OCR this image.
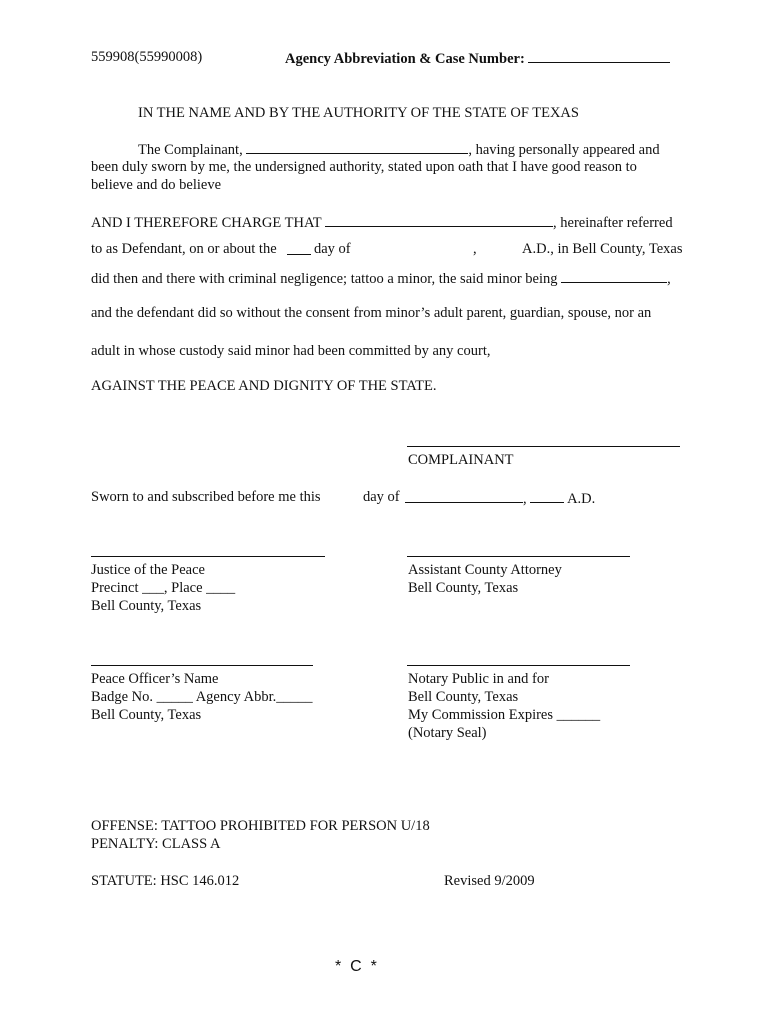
559908(55990008)	Agency Abbreviation & Case Number:
IN THE NAME AND BY THE AUTHORITY OF THE STATE OF TEXAS
The Complainant,	, having personally appeared and
been duly sworn by me, the undersigned authority, stated upon oath that I have good reason to
believe and do believe
AND I THEREFORE CHARGE THAT	, hereinafter referred
to as Defendant, on or about the	day of	,	A.D., in Bell County, Texas
did then and there with criminal negligence; tattoo a minor, the said minor being	,
and the defendant did so without the consent from minor’s adult parent, guardian, spouse, nor an
adult in whose custody said minor had been committed by any court,
AGAINST THE PEACE AND DIGNITY OF THE STATE.
COMPLAINANT
Sworn to and subscribed before me this	day of	,	A.D.
Justice of the Peace
Precinct ___, Place ____
Bell County, Texas
Assistant County Attorney
Bell County, Texas
Peace Officer’s Name
Badge No. _____ Agency Abbr._____
Bell County, Texas
Notary Public in and for
Bell County, Texas
My Commission Expires ______
(Notary Seal)
OFFENSE: TATTOO PROHIBITED FOR PERSON U/18
PENALTY: CLASS A
STATUTE: HSC 146.012	Revised 9/2009
*  C  *
